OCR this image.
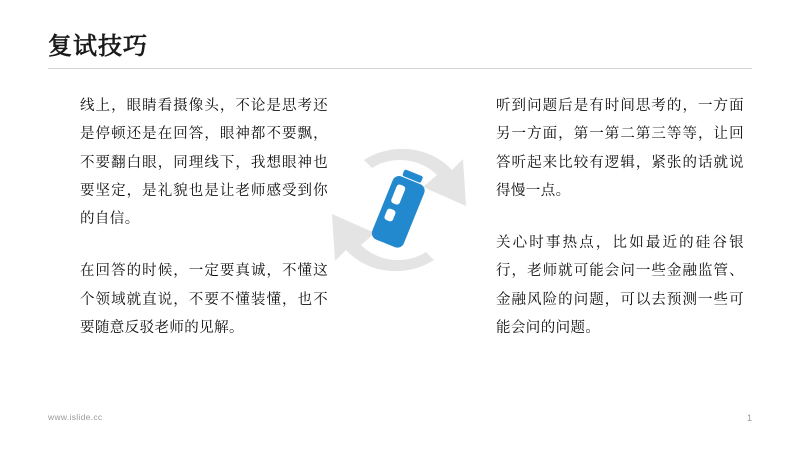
复试技巧

线上，眼睛看摄像头，不论是思考还是停顿还是在回答，眼神都不要飘，不要翻白眼，同理线下，我想眼神也要坚定，是礼貌也是让老师感受到你的自信。

在回答的时候，一定要真诚，不懂这个领域就直说，不要不懂装懂，也不要随意反驳老师的见解。

听到问题后是有时间思考的，一方面另一方面，第一第二第三等等，让回答听起来比较有逻辑，紧张的话就说得慢一点。

关心时事热点，比如最近的硅谷银行，老师就可能会问一些金融监管、金融风险的问题，可以去预测一些可能会问的问题。

www.islide.cc	1
